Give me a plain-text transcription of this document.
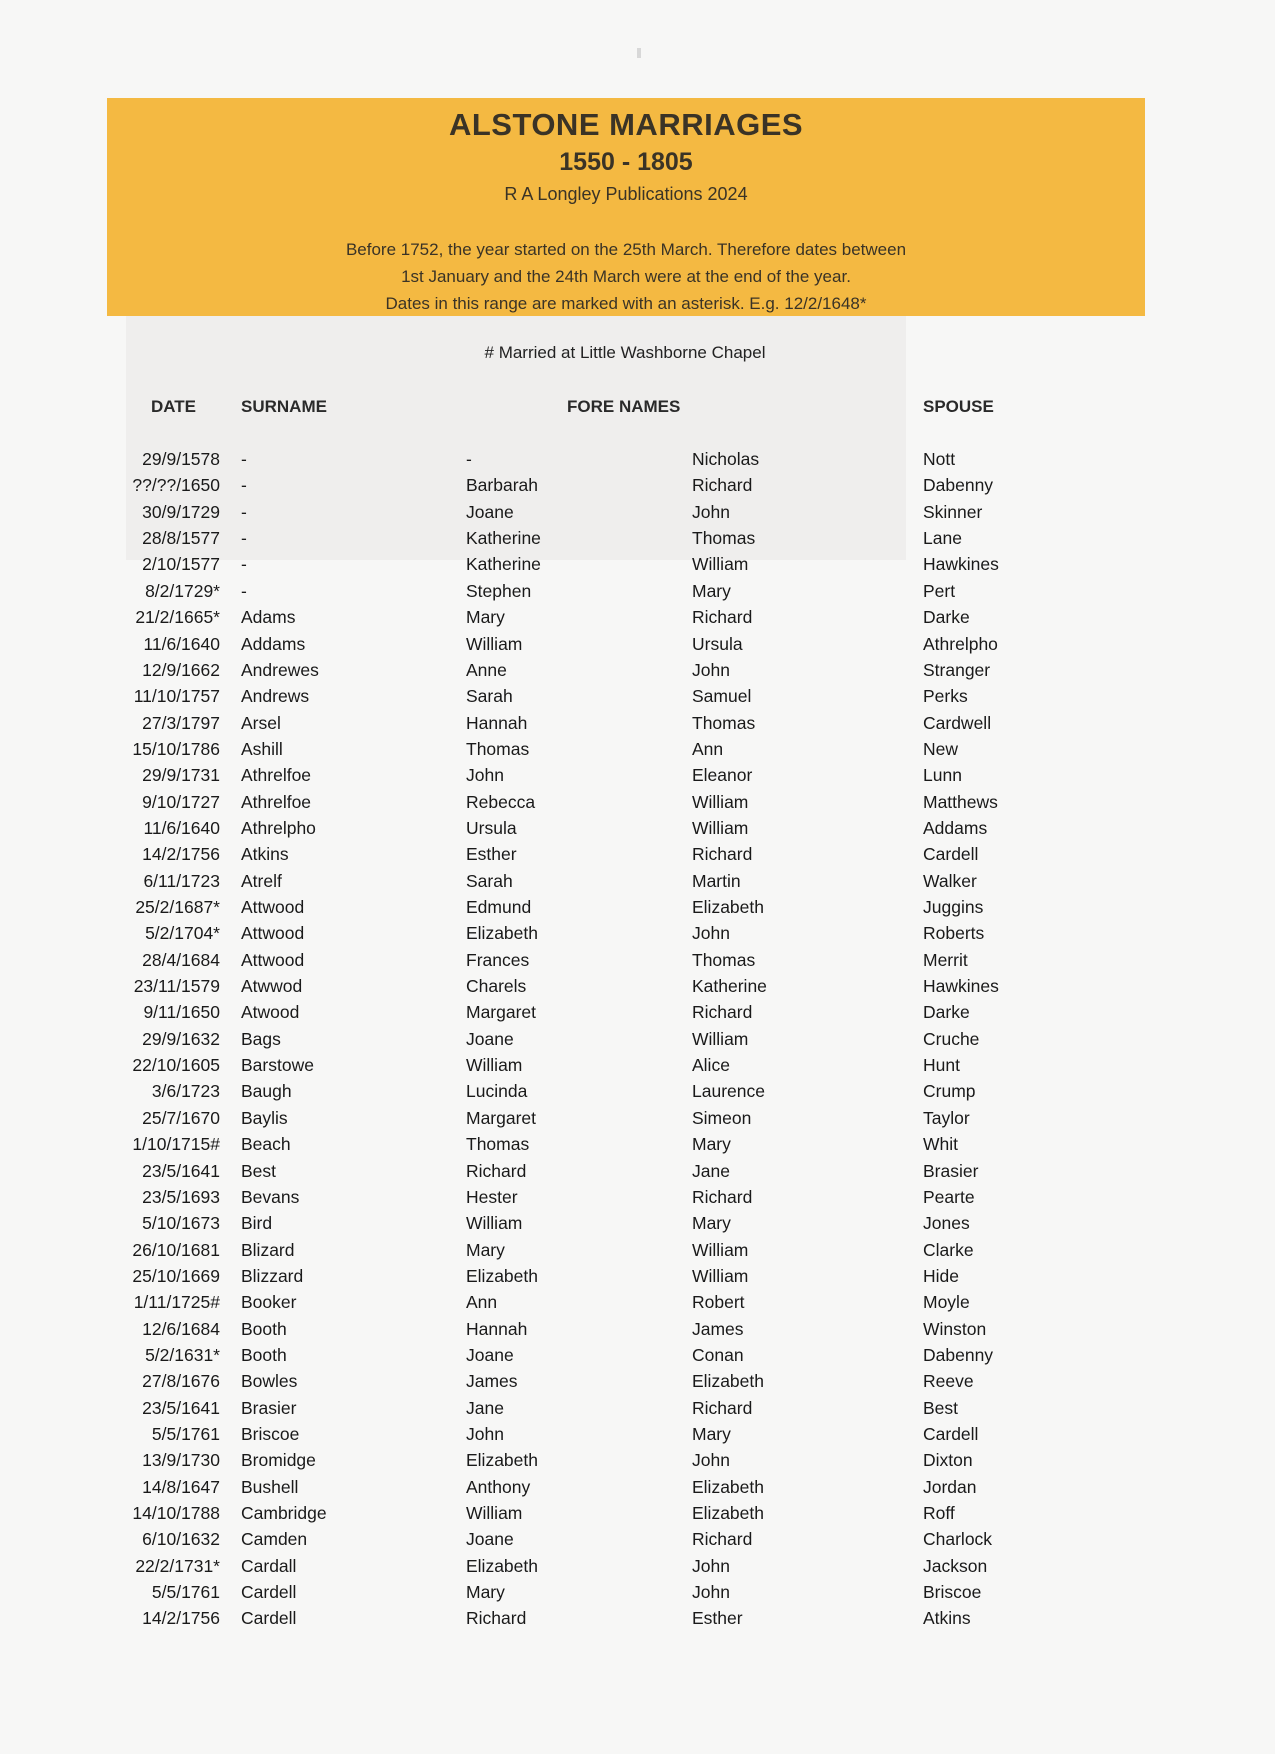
ALSTONE MARRIAGES
1550 - 1805
R A Longley Publications 2024
Before 1752, the year started on the 25th March. Therefore dates between
1st January and the 24th March were at the end of the year.
Dates in this range are marked with an asterisk. E.g. 12/2/1648*
# Married at Little Washborne Chapel
DATE	SURNAME	FORE NAMES	SPOUSE
29/9/1578 -	-	Nicholas	Nott
??/??/1650 -	Barbarah	Richard	Dabenny
30/9/1729 -	Joane	John	Skinner
28/8/1577 -	Katherine	Thomas	Lane
2/10/1577 -	Katherine	William	Hawkines
8/2/1729* -	Stephen	Mary	Pert
21/2/1665* Adams	Mary	Richard	Darke
11/6/1640 Addams	William	Ursula	Athrelpho
12/9/1662 Andrewes	Anne	John	Stranger
11/10/1757 Andrews	Sarah	Samuel	Perks
27/3/1797 Arsel	Hannah	Thomas	Cardwell
15/10/1786 Ashill	Thomas	Ann	New
29/9/1731 Athrelfoe	John	Eleanor	Lunn
9/10/1727 Athrelfoe	Rebecca	William	Matthews
11/6/1640 Athrelpho	Ursula	William	Addams
14/2/1756 Atkins	Esther	Richard	Cardell
6/11/1723 Atrelf	Sarah	Martin	Walker
25/2/1687* Attwood	Edmund	Elizabeth	Juggins
5/2/1704* Attwood	Elizabeth	John	Roberts
28/4/1684 Attwood	Frances	Thomas	Merrit
23/11/1579 Atwwod	Charels	Katherine	Hawkines
9/11/1650 Atwood	Margaret	Richard	Darke
29/9/1632 Bags	Joane	William	Cruche
22/10/1605 Barstowe	William	Alice	Hunt
3/6/1723 Baugh	Lucinda	Laurence	Crump
25/7/1670 Baylis	Margaret	Simeon	Taylor
1/10/1715# Beach	Thomas	Mary	Whit
23/5/1641 Best	Richard	Jane	Brasier
23/5/1693 Bevans	Hester	Richard	Pearte
5/10/1673 Bird	William	Mary	Jones
26/10/1681 Blizard	Mary	William	Clarke
25/10/1669 Blizzard	Elizabeth	William	Hide
1/11/1725# Booker	Ann	Robert	Moyle
12/6/1684 Booth	Hannah	James	Winston
5/2/1631* Booth	Joane	Conan	Dabenny
27/8/1676 Bowles	James	Elizabeth	Reeve
23/5/1641 Brasier	Jane	Richard	Best
5/5/1761 Briscoe	John	Mary	Cardell
13/9/1730 Bromidge	Elizabeth	John	Dixton
14/8/1647 Bushell	Anthony	Elizabeth	Jordan
14/10/1788 Cambridge	William	Elizabeth	Roff
6/10/1632 Camden	Joane	Richard	Charlock
22/2/1731* Cardall	Elizabeth	John	Jackson
5/5/1761 Cardell	Mary	John	Briscoe
14/2/1756 Cardell	Richard	Esther	Atkins
